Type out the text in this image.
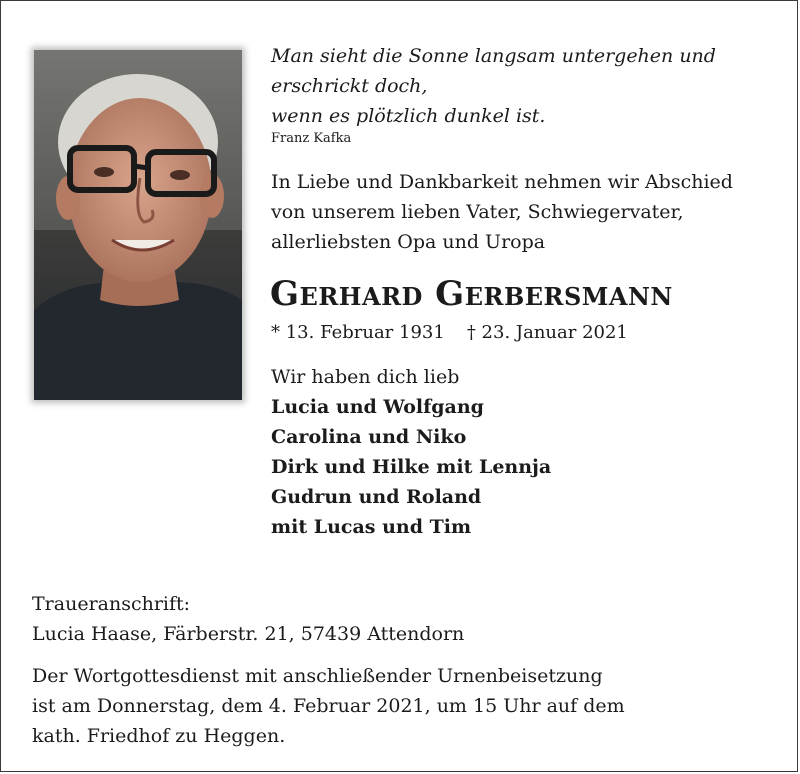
Man sieht die Sonne langsam untergehen und
erschrickt doch,
wenn es plötzlich dunkel ist.
Franz Kafka
In Liebe und Dankbarkeit nehmen wir Abschied
von unserem lieben Vater, Schwiegervater,
allerliebsten Opa und Uropa
Gerhard Gerbersmann
* 13. Februar 1931 † 23. Januar 2021
Wir haben dich lieb
Lucia und Wolfgang
Carolina und Niko
Dirk und Hilke mit Lennja
Gudrun und Roland
mit Lucas und Tim
Traueranschrift:
Lucia Haase, Färberstr. 21, 57439 Attendorn
Der Wortgottesdienst mit anschließender Urnenbeisetzung
ist am Donnerstag, dem 4. Februar 2021, um 15 Uhr auf dem
kath. Friedhof zu Heggen.
